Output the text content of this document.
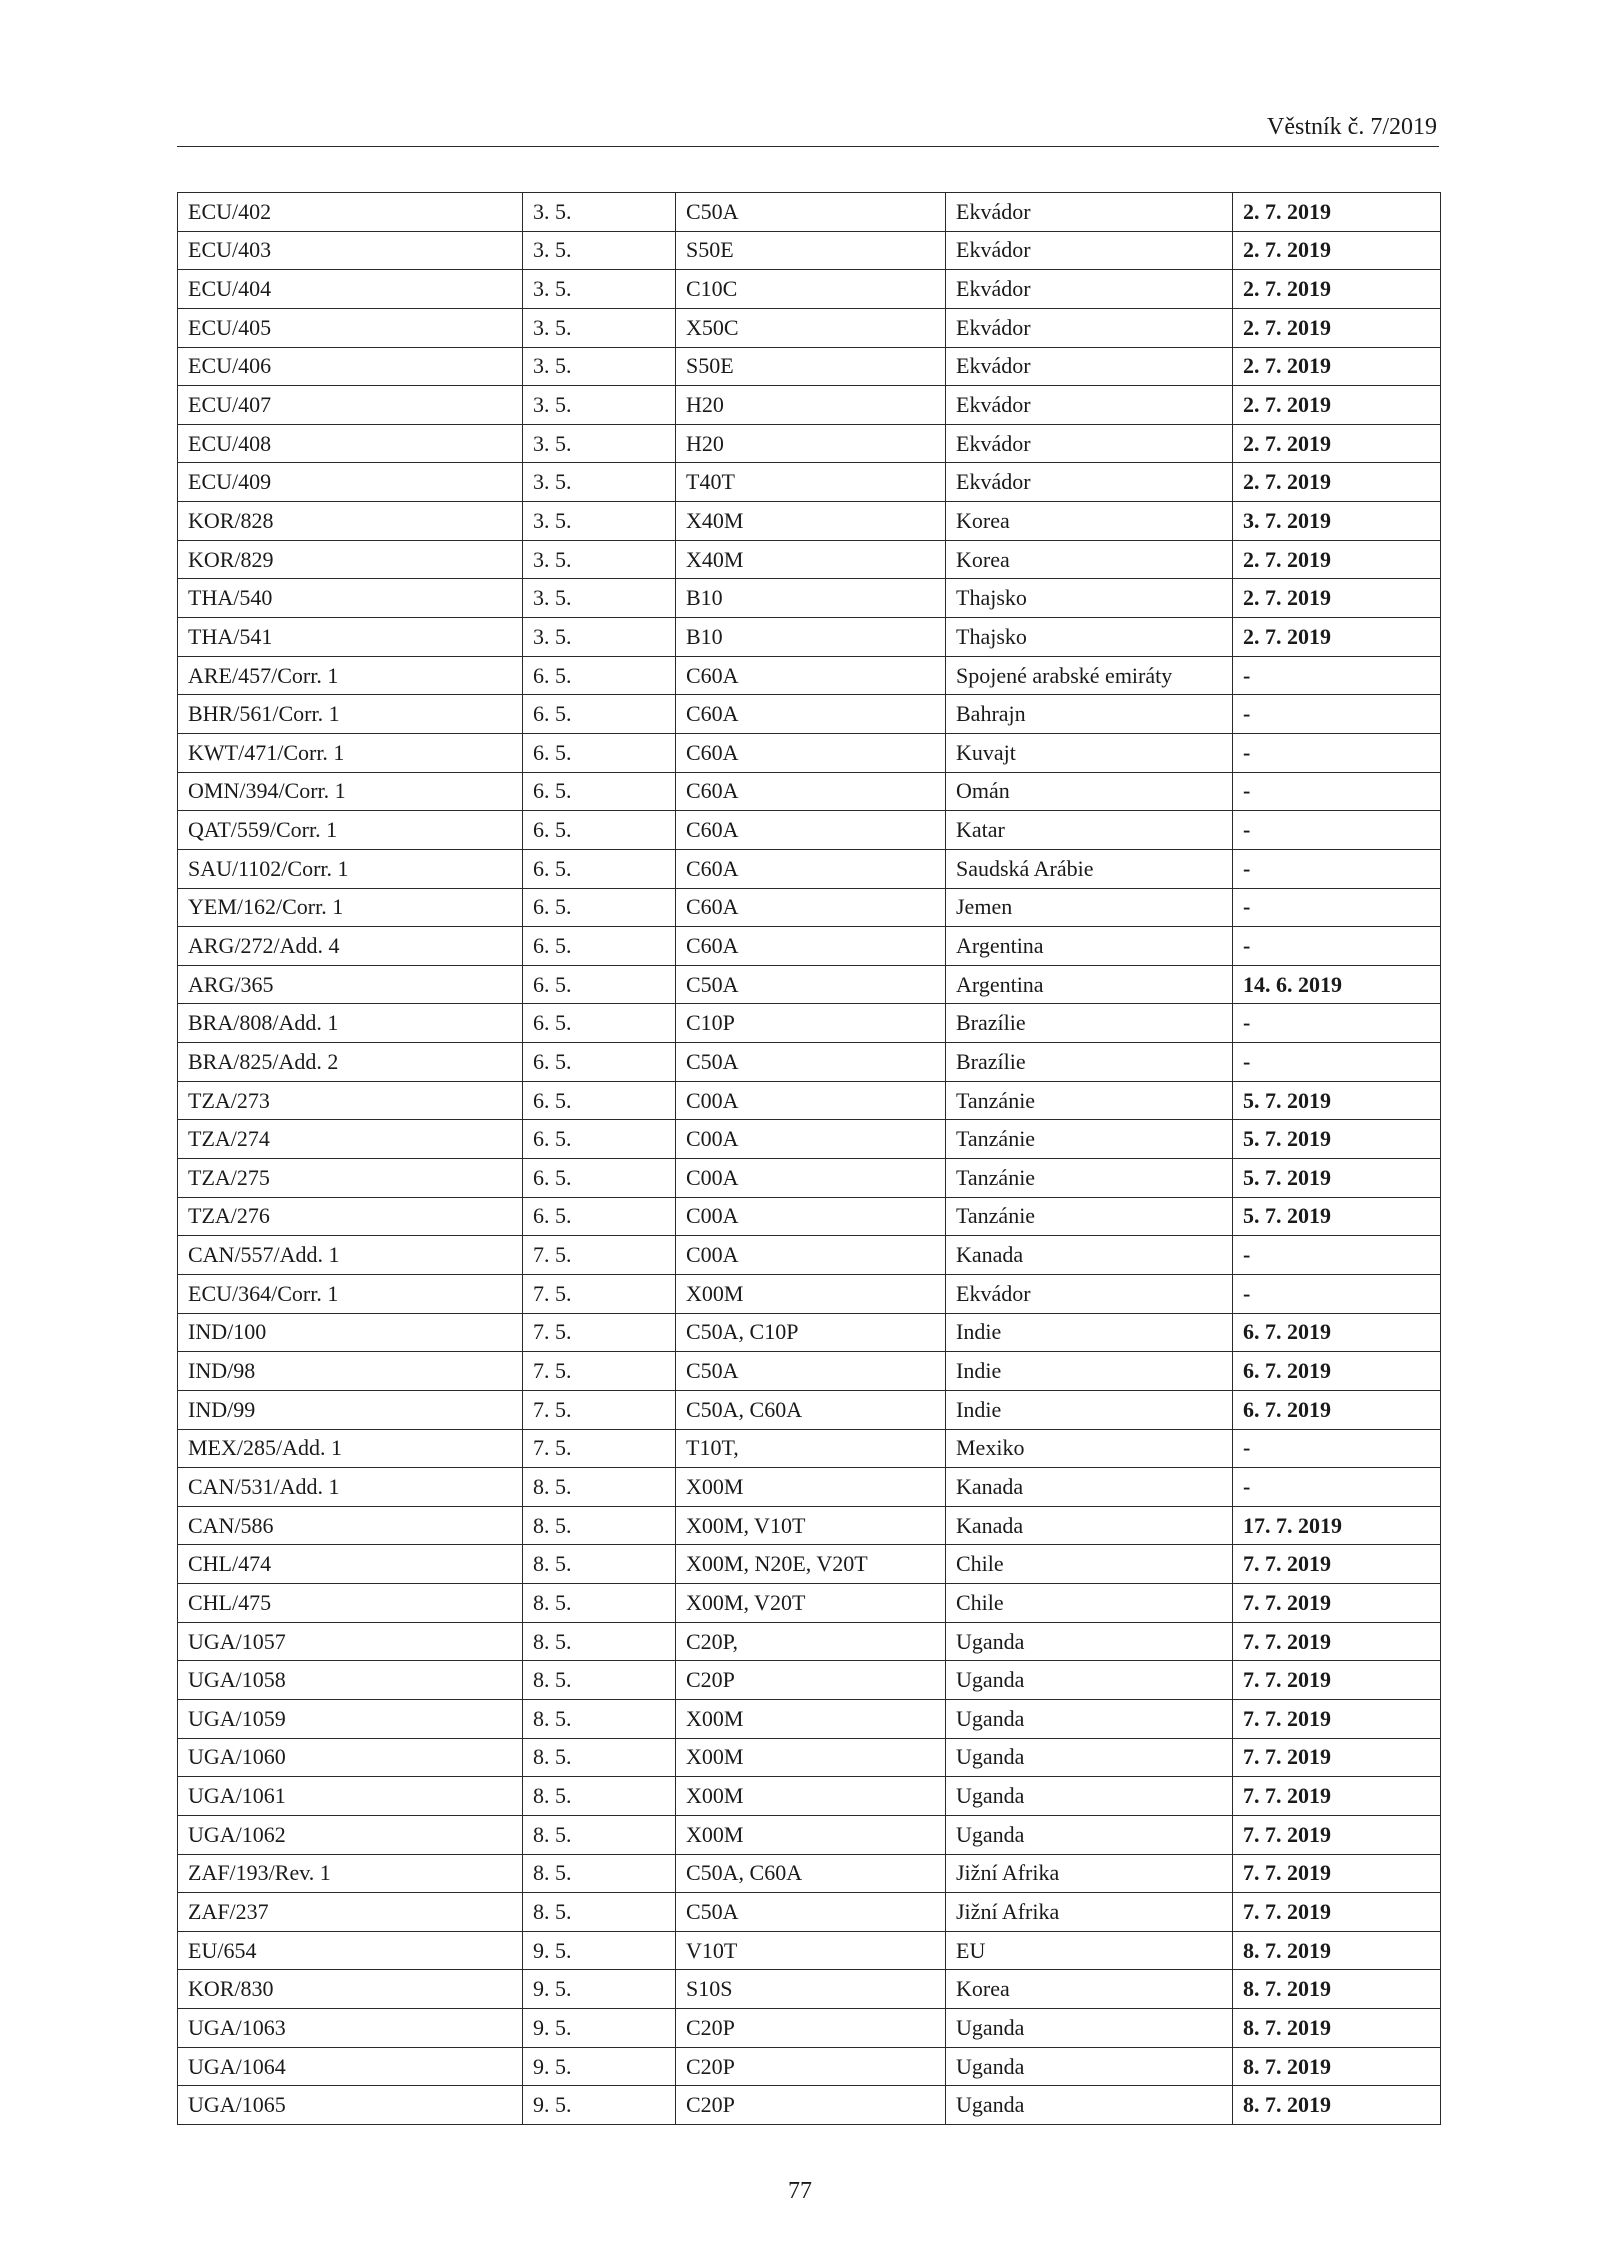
Věstník č. 7/2019
ECU/402	3. 5.	C50A	Ekvádor	2. 7. 2019
ECU/403	3. 5.	S50E	Ekvádor	2. 7. 2019
ECU/404	3. 5.	C10C	Ekvádor	2. 7. 2019
ECU/405	3. 5.	X50C	Ekvádor	2. 7. 2019
ECU/406	3. 5.	S50E	Ekvádor	2. 7. 2019
ECU/407	3. 5.	H20	Ekvádor	2. 7. 2019
ECU/408	3. 5.	H20	Ekvádor	2. 7. 2019
ECU/409	3. 5.	T40T	Ekvádor	2. 7. 2019
KOR/828	3. 5.	X40M	Korea	3. 7. 2019
KOR/829	3. 5.	X40M	Korea	2. 7. 2019
THA/540	3. 5.	B10	Thajsko	2. 7. 2019
THA/541	3. 5.	B10	Thajsko	2. 7. 2019
ARE/457/Corr. 1	6. 5.	C60A	Spojené arabské emiráty	-
BHR/561/Corr. 1	6. 5.	C60A	Bahrajn	-
KWT/471/Corr. 1	6. 5.	C60A	Kuvajt	-
OMN/394/Corr. 1	6. 5.	C60A	Omán	-
QAT/559/Corr. 1	6. 5.	C60A	Katar	-
SAU/1102/Corr. 1	6. 5.	C60A	Saudská Arábie	-
YEM/162/Corr. 1	6. 5.	C60A	Jemen	-
ARG/272/Add. 4	6. 5.	C60A	Argentina	-
ARG/365	6. 5.	C50A	Argentina	14. 6. 2019
BRA/808/Add. 1	6. 5.	C10P	Brazílie	-
BRA/825/Add. 2	6. 5.	C50A	Brazílie	-
TZA/273	6. 5.	C00A	Tanzánie	5. 7. 2019
TZA/274	6. 5.	C00A	Tanzánie	5. 7. 2019
TZA/275	6. 5.	C00A	Tanzánie	5. 7. 2019
TZA/276	6. 5.	C00A	Tanzánie	5. 7. 2019
CAN/557/Add. 1	7. 5.	C00A	Kanada	-
ECU/364/Corr. 1	7. 5.	X00M	Ekvádor	-
IND/100	7. 5.	C50A, C10P	Indie	6. 7. 2019
IND/98	7. 5.	C50A	Indie	6. 7. 2019
IND/99	7. 5.	C50A, C60A	Indie	6. 7. 2019
MEX/285/Add. 1	7. 5.	T10T,	Mexiko	-
CAN/531/Add. 1	8. 5.	X00M	Kanada	-
CAN/586	8. 5.	X00M, V10T	Kanada	17. 7. 2019
CHL/474	8. 5.	X00M, N20E, V20T	Chile	7. 7. 2019
CHL/475	8. 5.	X00M, V20T	Chile	7. 7. 2019
UGA/1057	8. 5.	C20P,	Uganda	7. 7. 2019
UGA/1058	8. 5.	C20P	Uganda	7. 7. 2019
UGA/1059	8. 5.	X00M	Uganda	7. 7. 2019
UGA/1060	8. 5.	X00M	Uganda	7. 7. 2019
UGA/1061	8. 5.	X00M	Uganda	7. 7. 2019
UGA/1062	8. 5.	X00M	Uganda	7. 7. 2019
ZAF/193/Rev. 1	8. 5.	C50A, C60A	Jižní Afrika	7. 7. 2019
ZAF/237	8. 5.	C50A	Jižní Afrika	7. 7. 2019
EU/654	9. 5.	V10T	EU	8. 7. 2019
KOR/830	9. 5.	S10S	Korea	8. 7. 2019
UGA/1063	9. 5.	C20P	Uganda	8. 7. 2019
UGA/1064	9. 5.	C20P	Uganda	8. 7. 2019
UGA/1065	9. 5.	C20P	Uganda	8. 7. 2019
77
